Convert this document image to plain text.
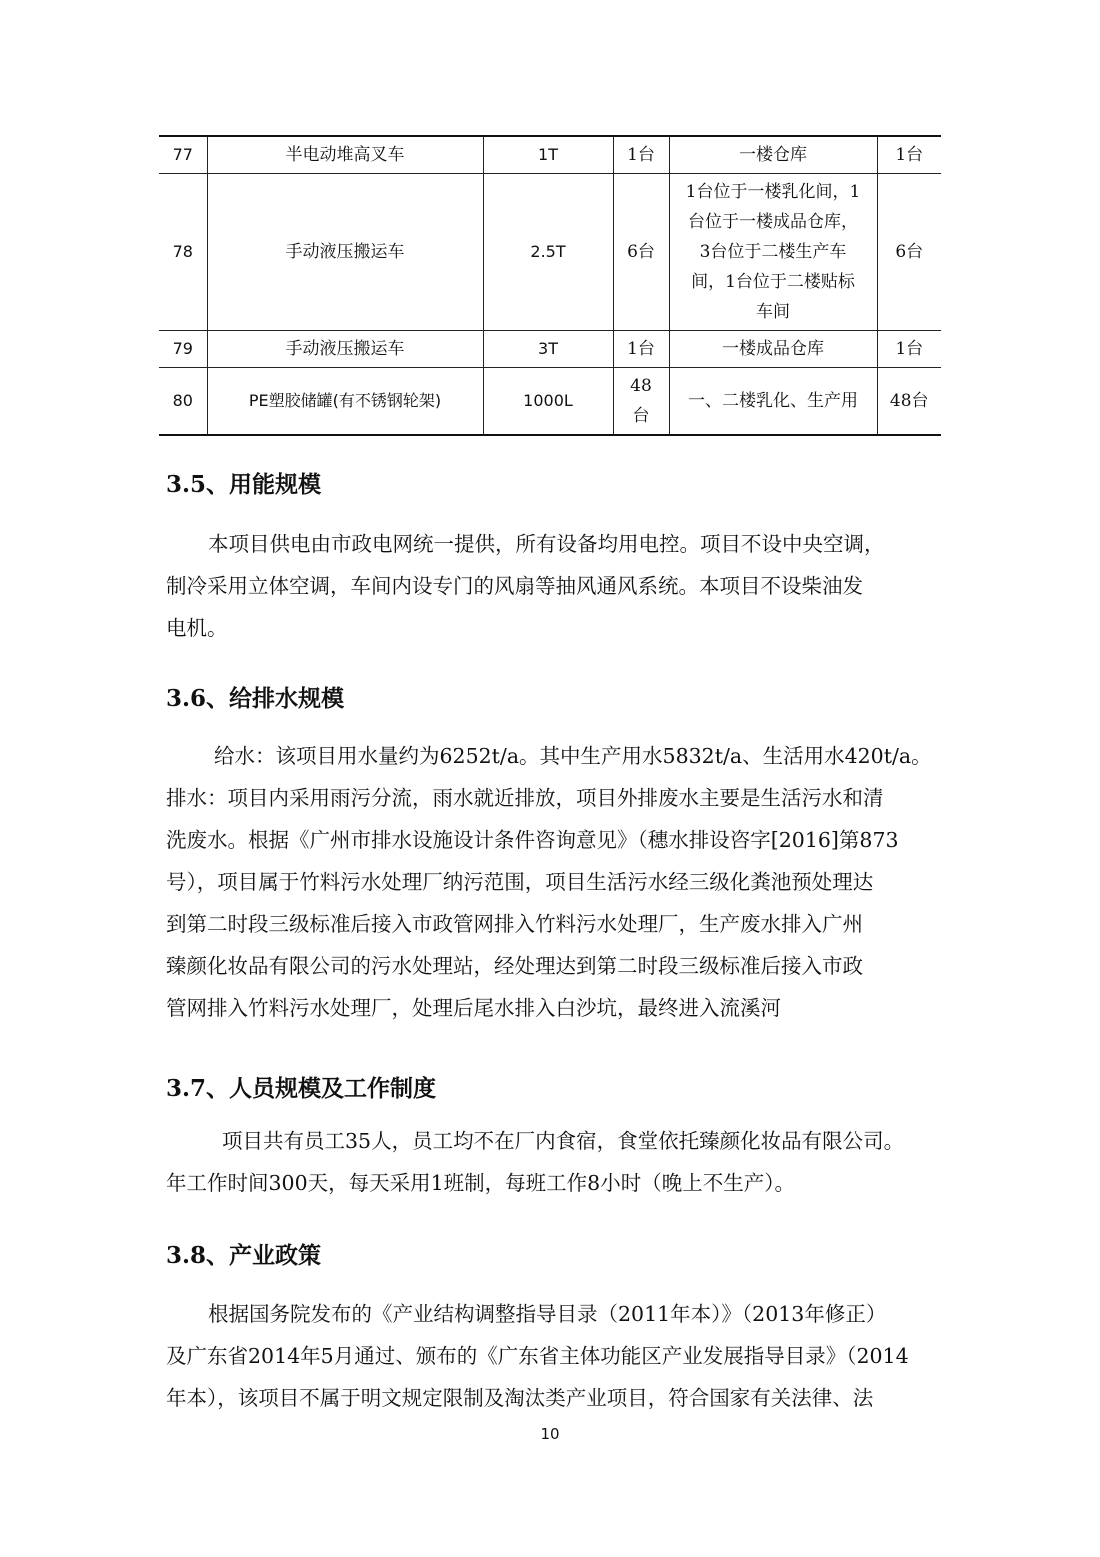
77	半电动堆高叉车	1T	1台	一楼仓库	1台
78	手动液压搬运车	2.5T	6台	1台位于一楼乳化间，1
台位于一楼成品仓库，
3台位于二楼生产车
间，1台位于二楼贴标
车间	6台
79	手动液压搬运车	3T	1台	一楼成品仓库	1台
80	PE塑胶储罐(有不锈钢轮架)	1000L	48
台	一、二楼乳化、生产用	48台
3.5、用能规模
本项目供电由市政电网统一提供，所有设备均用电控。项目不设中央空调，
制冷采用立体空调，车间内设专门的风扇等抽风通风系统。本项目不设柴油发
电机。
3.6、给排水规模
给水：该项目用水量约为6252t/a。其中生产用水5832t/a、生活用水420t/a。
排水：项目内采用雨污分流，雨水就近排放，项目外排废水主要是生活污水和清
洗废水。根据《广州市排水设施设计条件咨询意见》（穗水排设咨字[2016]第873
号），项目属于竹料污水处理厂纳污范围，项目生活污水经三级化粪池预处理达
到第二时段三级标准后接入市政管网排入竹料污水处理厂，生产废水排入广州
臻颜化妆品有限公司的污水处理站，经处理达到第二时段三级标准后接入市政
管网排入竹料污水处理厂，处理后尾水排入白沙坑，最终进入流溪河
3.7、人员规模及工作制度
项目共有员工35人，员工均不在厂内食宿，食堂依托臻颜化妆品有限公司。
年工作时间300天，每天采用1班制，每班工作8小时（晚上不生产）。
3.8、产业政策
根据国务院发布的《产业结构调整指导目录（2011年本）》（2013年修正）
及广东省2014年5月通过、颁布的《广东省主体功能区产业发展指导目录》（2014
年本），该项目不属于明文规定限制及淘汰类产业项目，符合国家有关法律、法
10
